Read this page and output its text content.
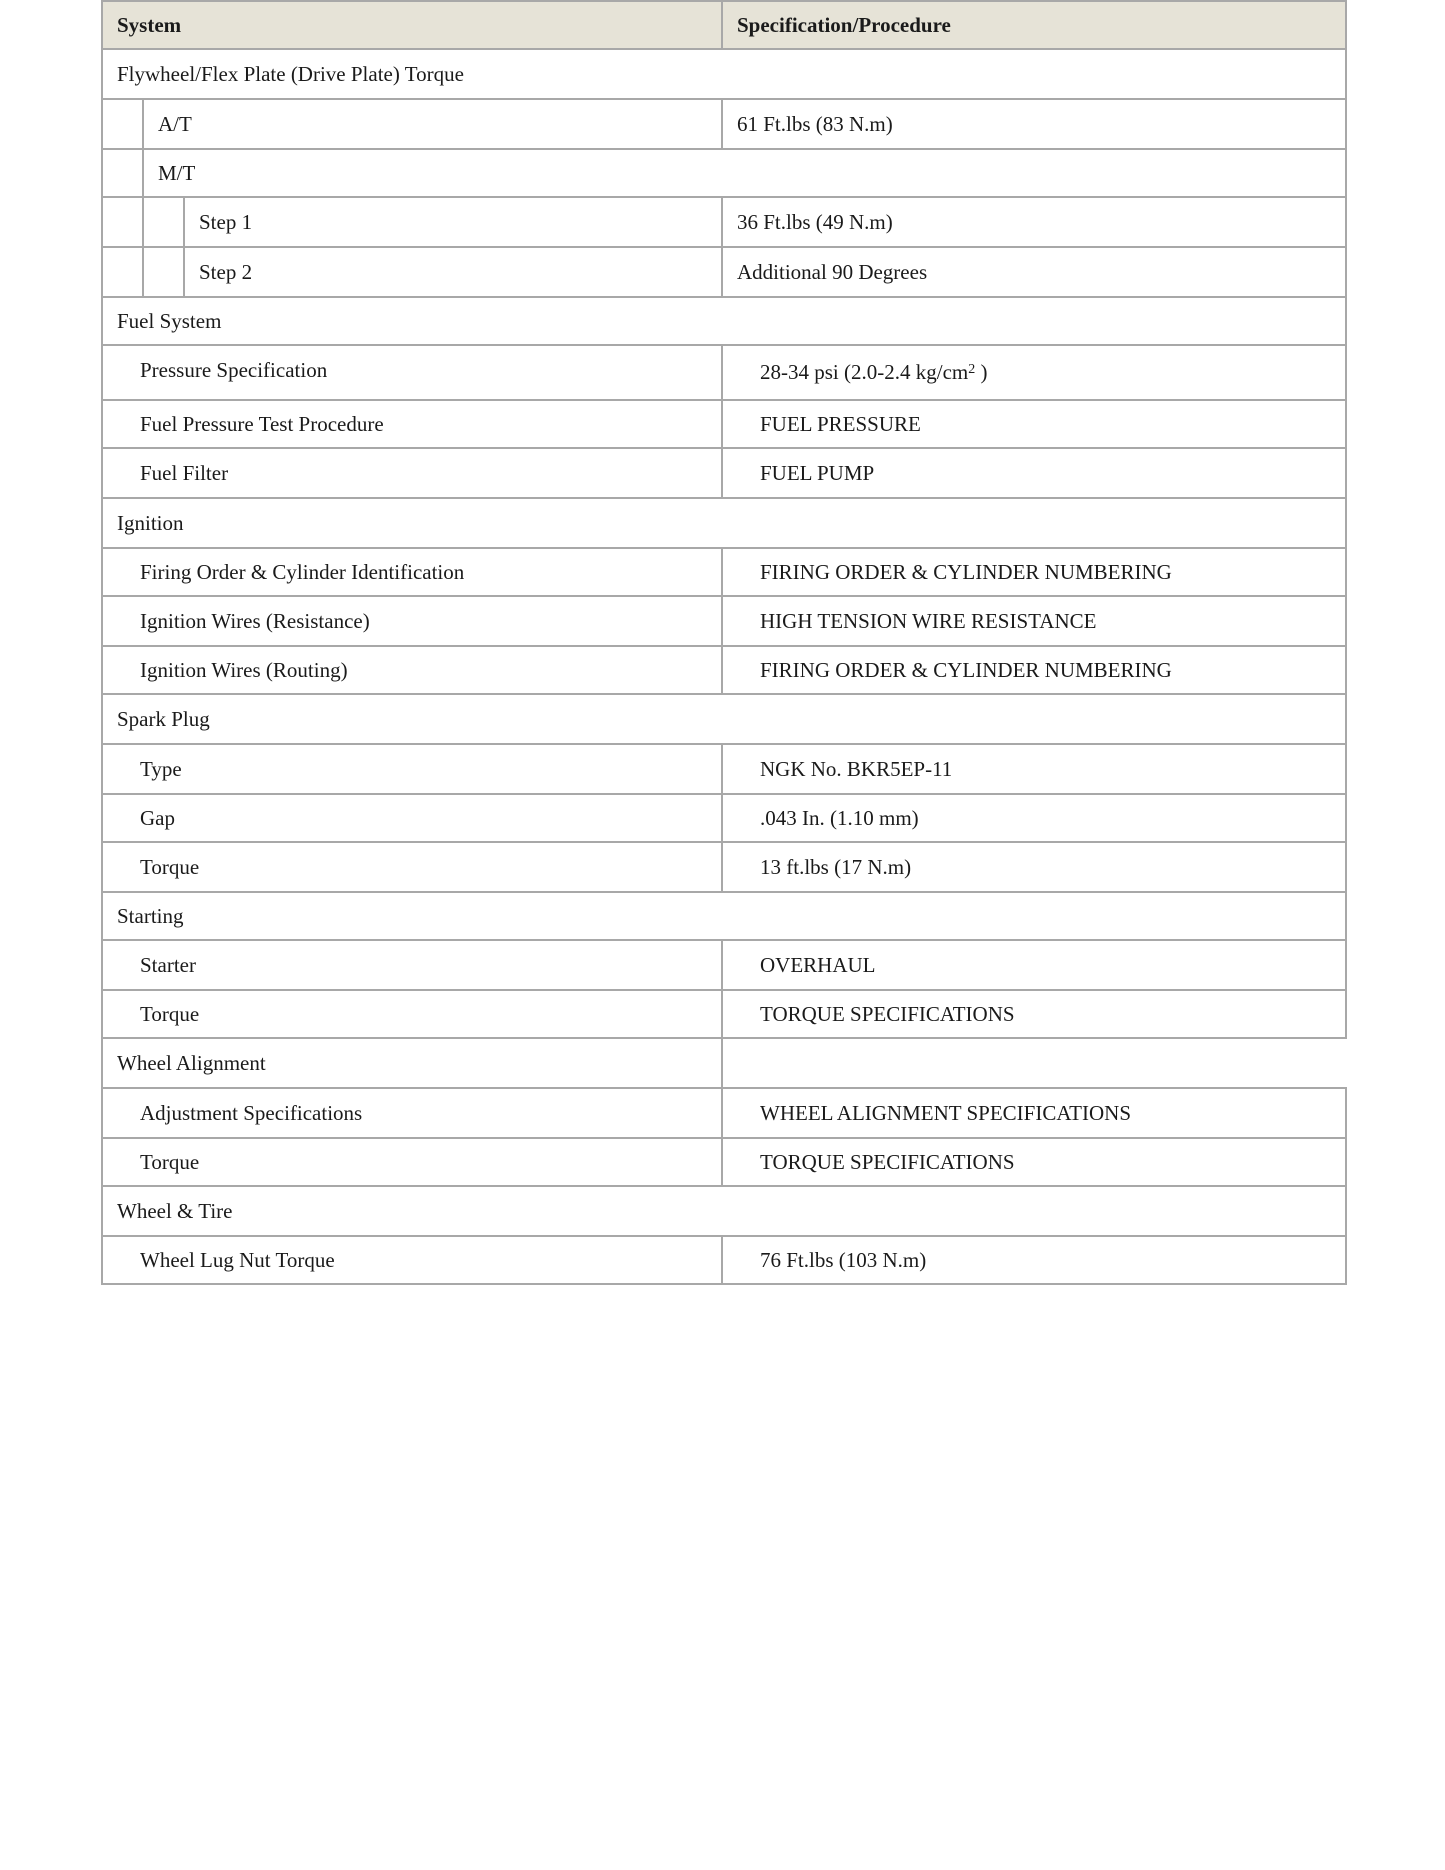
System	Specification/Procedure
Flywheel/Flex Plate (Drive Plate) Torque
A/T	61 Ft.lbs (83 N.m)
M/T
Step 1	36 Ft.lbs (49 N.m)
Step 2	Additional 90 Degrees
Fuel System
Pressure Specification	28-34 psi (2.0-2.4 $kg/cm^2$ )
Fuel Pressure Test Procedure	FUEL PRESSURE
Fuel Filter	FUEL PUMP
Ignition
Firing Order & Cylinder Identification	FIRING ORDER & CYLINDER NUMBERING
Ignition Wires (Resistance)	HIGH TENSION WIRE RESISTANCE
Ignition Wires (Routing)	FIRING ORDER & CYLINDER NUMBERING
Spark Plug
Type	NGK No. BKR5EP-11
Gap	.043 In. (1.10 mm)
Torque	13 ft.lbs (17 N.m)
Starting
Starter	OVERHAUL
Torque	TORQUE SPECIFICATIONS
Wheel Alignment
Adjustment Specifications	WHEEL ALIGNMENT SPECIFICATIONS
Torque	TORQUE SPECIFICATIONS
Wheel & Tire
Wheel Lug Nut Torque	76 Ft.lbs (103 N.m)
